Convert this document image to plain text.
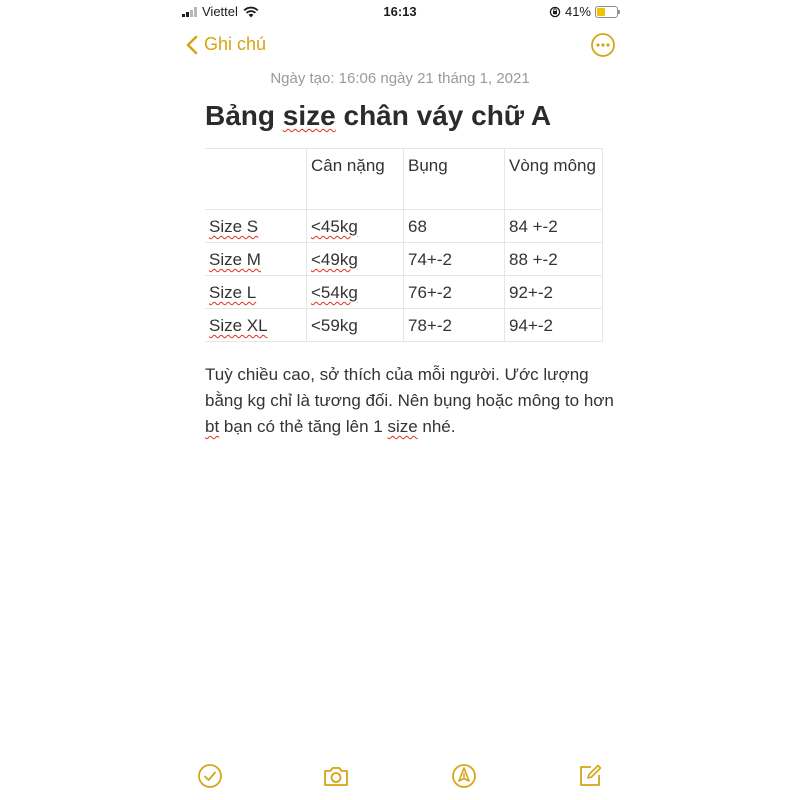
Viettel	16:13	41%
Ghi chú
Ngày tạo: 16:06 ngày 21 tháng 1, 2021
Bảng size chân váy chữ A
	Cân nặng	Bụng	Vòng mông
Size S	<45kg	68	84 +-2
Size M	<49kg	74+-2	88 +-2
Size L	<54kg	76+-2	92+-2
Size XL	<59kg	78+-2	94+-2

Tuỳ chiều cao, sở thích của mỗi người. Ước lượng bằng kg chỉ là tương đối. Nên bụng hoặc mông to hơn bt bạn có thẻ tăng lên 1 size nhé.
